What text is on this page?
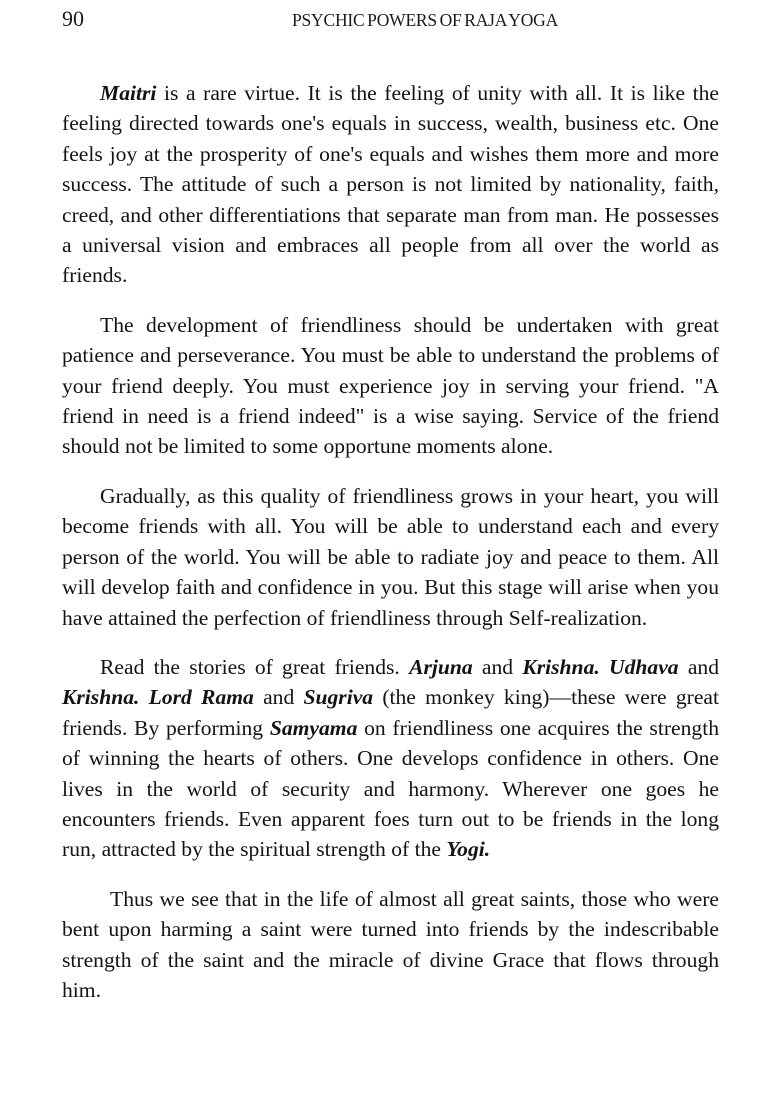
90	PSYCHIC POWERS OF RAJA YOGA

Maitri is a rare virtue. It is the feeling of unity with all. It is like the feeling directed towards one's equals in success, wealth, business etc. One feels joy at the prosperity of one's equals and wishes them more and more success. The attitude of such a person is not limited by nationality, faith, creed, and other differentiations that separate man from man. He possesses a universal vision and embraces all people from all over the world as friends.

The development of friendliness should be undertaken with great patience and perseverance. You must be able to understand the problems of your friend deeply. You must experience joy in serving your friend. "A friend in need is a friend indeed" is a wise saying. Service of the friend should not be limited to some opportune moments alone.

Gradually, as this quality of friendliness grows in your heart, you will become friends with all. You will be able to understand each and every person of the world. You will be able to radiate joy and peace to them. All will develop faith and confidence in you. But this stage will arise when you have attained the perfection of friendliness through Self-realization.

Read the stories of great friends. Arjuna and Krishna. Udhava and Krishna. Lord Rama and Sugriva (the monkey king)—these were great friends. By performing Samyama on friendliness one acquires the strength of winning the hearts of others. One develops confidence in others. One lives in the world of security and harmony. Wherever one goes he encounters friends. Even apparent foes turn out to be friends in the long run, attracted by the spiritual strength of the Yogi.

Thus we see that in the life of almost all great saints, those who were bent upon harming a saint were turned into friends by the indescribable strength of the saint and the miracle of divine Grace that flows through him.
